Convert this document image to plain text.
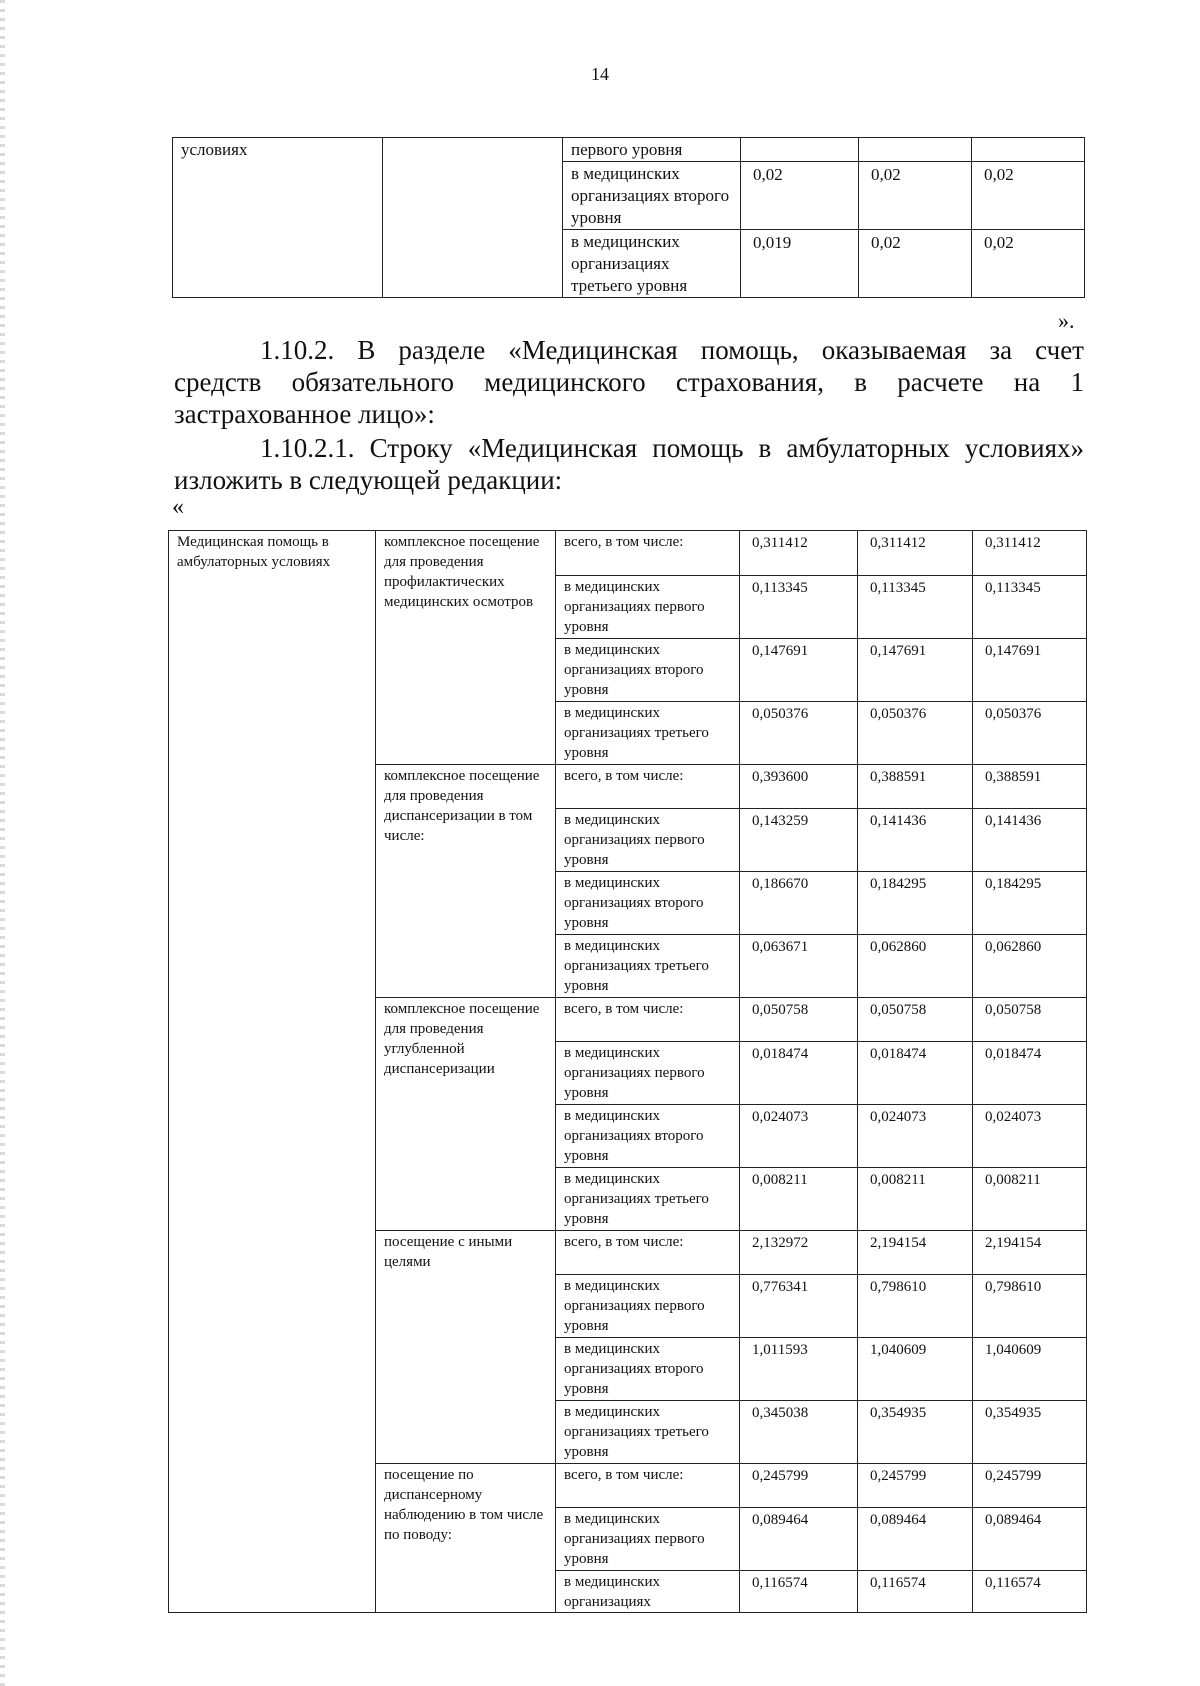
14
условиях		первого уровня			
		в медицинских организациях второго уровня	0,02	0,02	0,02
		в медицинских организациях третьего уровня	0,019	0,02	0,02
».
1.10.2. В разделе «Медицинская помощь, оказываемая за счет
средств обязательного медицинского страхования, в расчете на 1
застрахованное лицо»:
1.10.2.1. Строку «Медицинская помощь в амбулаторных условиях»
изложить в следующей редакции:
«
Медицинская помощь в амбулаторных условиях	комплексное посещение для проведения профилактических медицинских осмотров	всего, в том числе:	0,311412	0,311412	0,311412
		в медицинских организациях первого уровня	0,113345	0,113345	0,113345
		в медицинских организациях второго уровня	0,147691	0,147691	0,147691
		в медицинских организациях третьего уровня	0,050376	0,050376	0,050376
	комплексное посещение для проведения диспансеризации в том числе:	всего, в том числе:	0,393600	0,388591	0,388591
		в медицинских организациях первого уровня	0,143259	0,141436	0,141436
		в медицинских организациях второго уровня	0,186670	0,184295	0,184295
		в медицинских организациях третьего уровня	0,063671	0,062860	0,062860
	комплексное посещение для проведения углубленной диспансеризации	всего, в том числе:	0,050758	0,050758	0,050758
		в медицинских организациях первого уровня	0,018474	0,018474	0,018474
		в медицинских организациях второго уровня	0,024073	0,024073	0,024073
		в медицинских организациях третьего уровня	0,008211	0,008211	0,008211
	посещение с иными целями	всего, в том числе:	2,132972	2,194154	2,194154
		в медицинских организациях первого уровня	0,776341	0,798610	0,798610
		в медицинских организациях второго уровня	1,011593	1,040609	1,040609
		в медицинских организациях третьего уровня	0,345038	0,354935	0,354935
	посещение по диспансерному наблюдению в том числе по поводу:	всего, в том числе:	0,245799	0,245799	0,245799
		в медицинских организациях первого уровня	0,089464	0,089464	0,089464
		в медицинских организациях	0,116574	0,116574	0,116574
